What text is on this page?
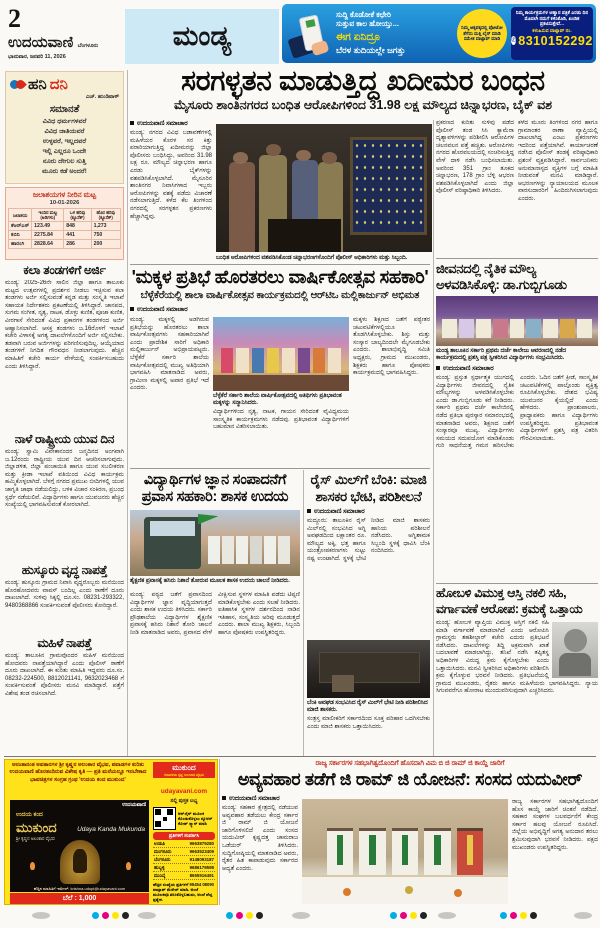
2
ಉದಯವಾಣಿ ಬೆಂಗಳೂರು
ಭಾನುವಾರ, ಜನವರಿ 11, 2026
ಮಂಡ್ಯ
ಸುದ್ದಿ ಕೊಡೋಕೆ ಕಛೇರಿ
ಸುತ್ತುವ ಕಾಲ ಹೋಯ್ತು...
ಈಗ ಏನಿದ್ರೂ
ಬೆರಳ ತುದಿಯಲ್ಲೇ ಜಗತ್ತು
ನಿಮ್ಮ ಅಕ್ಕಪಕ್ಕದಲ್ಲಿ ಫೋಟೋ ತೆಗೆದು ಮತ್ತಿ ಲೈನ್ ಮಾಡಿ ಸಮೇತ ವಾಟ್ಸಾಪ್ ಮಾಡಿ
ನಿಮ್ಮ ಕಾರ್ಯಕ್ರಮಗಳ ಆಹ್ವಾನ ಪತ್ರಿಕೆ ಎರಡು ದಿನ ಮೊದಲೇ ನಮಗೆ ಕಳಿಸಿಕೊಡಿ, ಖಂಡಿತ ಪ್ರಕಟಿಸುತ್ತೇವೆ...
ಕಳುಹಿಸುವ ವಾಟ್ಸಾಪ್ ನಂ.
✆ 8310152292
ಸರಗಳ್ಳತನ ಮಾಡುತ್ತಿದ್ದ ಖದೀಮರ ಬಂಧನ
ಮೈಸೂರು ಶಾಂತಿನಗರದ ಬಂಧಿತ ಆರೋಪಿಗಳಿಂದ 31.98 ಲಕ್ಷ ಮೌಲ್ಯದ ಚಿನ್ನಾಭರಣ, ಬೈಕ್ ವಶ
ಹನಿ ದನಿ
ಎಚ್. ಹುಂಡಿವಾಳ್
ಸಮಾನತೆ
ವಿವಿಧ ಧರ್ಮಗಳವರೆ
ವಿವಿಧ ಜಾತಿಯವರೆ
ಉಳ್ಳವರೆ, ಇಲ್ಲದವರೆ
ಇಲ್ಲಿ ಎಲ್ಲರೂ ಒಂದೇ
ನೂರು ದೇಗುಲ ಸುತ್ತಿ
ಮೂರು ಕಡೆ ಅಂದರೆ!
ಜಲಾಶಯಗಳ ನೀರಿನ ಮಟ್ಟ
10-01-2026
ಜಲಾಶಯ	ಇಂದಿನ ಮಟ್ಟ (ಅಡಿಗಳು)	ಒಳ ಹರಿವು (ಕ್ಯೂಸೆಕ್)	ಹೊರ ಹರಿವು (ಕ್ಯೂಸೆಕ್)
ಕೆಆರ್‌ಎಸ್	123.49	848	1,273
ಕಬಿನಿ	2275.84	441	750
ಹಾರಂಗಿ	2828.64	286	200
ಕಲಾ ತಂಡಗಳಿಗೆ ಅರ್ಜಿ
ಮಂಡ್ಯ: 2025-26ನೇ ಸಾಲಿನ ಜಿಲ್ಲಾ ಹಾಗೂ ತಾಲೂಕು ಮಟ್ಟದ ಉತ್ಸವಗಳಲ್ಲಿ ಪ್ರದರ್ಶನ ನೀಡಲು ಇಚ್ಛಿಸುವ ಕಲಾ ತಂಡಗಳು ಅರ್ಜಿ ಸಲ್ಲಿಸುವಂತೆ ಕನ್ನಡ ಮತ್ತು ಸಂಸ್ಕೃತಿ ಇಲಾಖೆ ಸಹಾಯಕ ನಿರ್ದೇಶಕರು ಪ್ರಕಟಣೆಯಲ್ಲಿ ತಿಳಿಸಿದ್ದಾರೆ. ಜಾನಪದ, ಸುಗಮ ಸಂಗೀತ, ನೃತ್ಯ, ನಾಟಕ, ಡೊಳ್ಳು ಕುಣಿತ, ಪೂಜಾ ಕುಣಿತ, ವೀರಗಾಸೆ ಸೇರಿದಂತೆ ವಿವಿಧ ಪ್ರಕಾರಗಳ ತಂಡಗಳಿಂದ ಅರ್ಜಿ ಆಹ್ವಾನಿಸಲಾಗಿದೆ. ಆಸಕ್ತ ತಂಡಗಳು ಜ.16ರೊಳಗೆ ಇಲಾಖೆ ಕಚೇರಿ ವಿಳಾಸಕ್ಕೆ ಅಗತ್ಯ ದಾಖಲೆಗಳೊಂದಿಗೆ ಅರ್ಜಿ ಸಲ್ಲಿಸಬೇಕು. ತಡವಾಗಿ ಬರುವ ಅರ್ಜಿಗಳನ್ನು ಪರಿಗಣಿಸುವುದಿಲ್ಲ. ಆಯ್ಕೆಯಾದ ತಂಡಗಳಿಗೆ ನಿಗದಿತ ಗೌರವಧನ ನೀಡಲಾಗುವುದು. ಹೆಚ್ಚಿನ ಮಾಹಿತಿಗೆ ಕಚೇರಿ ಕಾರ್ಯ ವೇಳೆಯಲ್ಲಿ ಸಂಪರ್ಕಿಸಬಹುದು ಎಂದು ತಿಳಿಸಿದ್ದಾರೆ.
ನಾಳೆ ರಾಷ್ಟ್ರೀಯ ಯುವ ದಿನ
ಮಂಡ್ಯ: ಸ್ವಾಮಿ ವಿವೇಕಾನಂದರ ಜನ್ಮದಿನದ ಅಂಗವಾಗಿ ಜ.12ರಂದು ರಾಷ್ಟ್ರೀಯ ಯುವ ದಿನ ಆಚರಿಸಲಾಗುವುದು. ಜಿಲ್ಲಾಡಳಿತ, ಜಿಲ್ಲಾ ಪಂಚಾಯಿತಿ ಹಾಗೂ ಯುವ ಸಬಲೀಕರಣ ಮತ್ತು ಕ್ರೀಡಾ ಇಲಾಖೆ ವತಿಯಿಂದ ವಿವಿಧ ಕಾರ್ಯಕ್ರಮ ಹಮ್ಮಿಕೊಳ್ಳಲಾಗಿದೆ. ಬೆಳಗ್ಗೆ ನಗರದ ಪ್ರಮುಖ ಬೀದಿಗಳಲ್ಲಿ ಯುವ ಜಾಗೃತಿ ಜಾಥಾ ನಡೆಯಲಿದ್ದು, ಬಳಿಕ ವಿಚಾರ ಸಂಕಿರಣ, ಪ್ರಬಂಧ ಸ್ಪರ್ಧೆ ನಡೆಯಲಿವೆ. ವಿದ್ಯಾರ್ಥಿಗಳು ಹಾಗೂ ಯುವಜನರು ಹೆಚ್ಚಿನ ಸಂಖ್ಯೆಯಲ್ಲಿ ಭಾಗವಹಿಸುವಂತೆ ಕೋರಲಾಗಿದೆ.
ಹುಸ್ಕೂರು ವೃದ್ಧ ನಾಪತ್ತೆ
ಮಂಡ್ಯ: ಹುಸ್ಕೂರು ಗ್ರಾಮದ ನಿವಾಸಿ ವೃದ್ಧರೊಬ್ಬರು ಮನೆಯಿಂದ ಹೊರಹೋದವರು ವಾಪಸ್ ಬಂದಿಲ್ಲ ಎಂದು ಠಾಣೆಗೆ ದೂರು ದಾಖಲಾಗಿದೆ. ಸುಳಿವು ಸಿಕ್ಕಲ್ಲಿ ದೂ.ಸಂ. 08231-293322, 9480368866 ಸಂಪರ್ಕಿಸುವಂತೆ ಪೊಲೀಸರು ಕೋರಿದ್ದಾರೆ.
ಮಹಿಳೆ ನಾಪತ್ತೆ
ಮಂಡ್ಯ: ತಾಲೂಕಿನ ಗ್ರಾಮವೊಂದರ ಮಹಿಳೆ ಮನೆಯಿಂದ ಹೋದವರು ನಾಪತ್ತೆಯಾಗಿದ್ದಾರೆ ಎಂದು ಪೊಲೀಸ್ ಠಾಣೆಗೆ ದೂರು ದಾಖಲಾಗಿದೆ. ಈ ಕುರಿತು ಮಾಹಿತಿ ಇದ್ದವರು ದೂ.ಸಂ. 08232-224500, 8812021141, 9632023468 ಗೆ ಸಂಪರ್ಕಿಸುವಂತೆ ಪೊಲೀಸರು ಮನವಿ ಮಾಡಿದ್ದಾರೆ. ಪತ್ತೆಗೆ ವಿಶೇಷ ತಂಡ ರಚಿಸಲಾಗಿದೆ.
ಉದಯವಾಣಿ ಸಮಾಚಾರ
ಮಂಡ್ಯ: ನಗರದ ವಿವಿಧ ಬಡಾವಣೆಗಳಲ್ಲಿ ಮಹಿಳೆಯರ ಕೊರಳ ಸರ ಕಿತ್ತು ಪರಾರಿಯಾಗುತ್ತಿದ್ದ ಖದೀಮರನ್ನು ಜಿಲ್ಲಾ ಪೊಲೀಸರು ಬಂಧಿಸಿದ್ದು, ಅವರಿಂದ 31.98 ಲಕ್ಷ ರೂ. ಮೌಲ್ಯದ ಚಿನ್ನಾಭರಣ ಹಾಗೂ ಎರಡು ಬೈಕ್‌ಗಳನ್ನು ವಶಪಡಿಸಿಕೊಳ್ಳಲಾಗಿದೆ. ಮೈಸೂರಿನ ಶಾಂತಿನಗರ ನಿವಾಸಿಗಳಾದ ಇಬ್ಬರು ಆರೋಪಿಗಳನ್ನು ವಶಕ್ಕೆ ಪಡೆದು ವಿಚಾರಣೆ ನಡೆಸಲಾಗುತ್ತಿದೆ. ಕಳೆದ ಕೆಲ ತಿಂಗಳಿಂದ ನಗರದಲ್ಲಿ ಸರಗಳ್ಳತನ ಪ್ರಕರಣಗಳು ಹೆಚ್ಚಾಗಿದ್ದವು.
ಬಂಧಿತ ಆರೋಪಿಗಳಿಂದ ವಶಪಡಿಸಿಕೊಂಡ ಚಿನ್ನಾಭರಣಗಳೊಂದಿಗೆ ಪೊಲೀಸ್ ಅಧಿಕಾರಿಗಳು ಮತ್ತು ಸಿಬ್ಬಂದಿ.
ಪ್ರಕರಣದ ಕುರಿತು ಸುಳಿವು ಪಡೆದ ಪೊಲೀಸ್ ತಂಡ ಸಿಸಿ ಕ್ಯಾಮೆರಾ ದೃಶ್ಯಾವಳಿಗಳನ್ನು ಪರಿಶೀಲಿಸಿ ಆರೋಪಿಗಳ ಚಲನವಲನ ಪತ್ತೆ ಹಚ್ಚಿತು. ಆರೋಪಿಗಳು ನಗರದ ಹೊರವಲಯದಲ್ಲಿ ಸಂಚರಿಸುತ್ತಿದ್ದ ವೇಳೆ ದಾಳಿ ನಡೆಸಿ ಬಂಧಿಸಲಾಯಿತು. ಅವರಿಂದ 351 ಗ್ರಾಂ ತೂಕದ ಚಿನ್ನಾಭರಣ, 178 ಗ್ರಾಂ ಬೆಳ್ಳಿ ಆಭರಣ ವಶಪಡಿಸಿಕೊಳ್ಳಲಾಗಿದೆ ಎಂದು ಜಿಲ್ಲಾ ಪೊಲೀಸ್ ವರಿಷ್ಠಾಧಿಕಾರಿ ತಿಳಿಸಿದರು.
ಕಳೆದ ಮೂರು ತಿಂಗಳಿಂದ ನಗರ ಹಾಗೂ ಗ್ರಾಮಾಂತರ ಠಾಣಾ ವ್ಯಾಪ್ತಿಯಲ್ಲಿ ದಾಖಲಾಗಿದ್ದ ಎಂಟು ಪ್ರಕರಣಗಳು ಇದರಿಂದ ಪತ್ತೆಯಾಗಿವೆ. ಕಾರ್ಯಾಚರಣೆ ನಡೆಸಿದ ಪೊಲೀಸ್ ತಂಡಕ್ಕೆ ವರಿಷ್ಠಾಧಿಕಾರಿ ಪ್ರಶಂಸೆ ವ್ಯಕ್ತಪಡಿಸಿದ್ದಾರೆ. ಸಾರ್ವಜನಿಕರು ಅನುಮಾನಾಸ್ಪದ ವ್ಯಕ್ತಿಗಳ ಬಗ್ಗೆ ಮಾಹಿತಿ ನೀಡುವಂತೆ ಮನವಿ ಮಾಡಿದ್ದಾರೆ. ಆಭರಣಗಳನ್ನು ನ್ಯಾಯಾಲಯದ ಮೂಲಕ ವಾರಸುದಾರರಿಗೆ ಹಿಂದಿರುಗಿಸಲಾಗುವುದು ಎಂದರು.
'ಮಕ್ಕಳ ಪ್ರತಿಭೆ ಹೊರತರಲು ವಾರ್ಷಿಕೋತ್ಸವ ಸಹಕಾರಿ'
ಬೆಳ್ಳೆಕೆರೆಯಲ್ಲಿ ಶಾಲಾ ವಾರ್ಷಿಕೋತ್ಸವ ಕಾರ್ಯಕ್ರಮದಲ್ಲಿ ಆರ್‌ಟಿಒ ಮಲ್ಲಿಕಾರ್ಜುನ್ ಅಭಿಮತ
ಉದಯವಾಣಿ ಸಮಾಚಾರ
ಮಂಡ್ಯ: ಮಕ್ಕಳಲ್ಲಿ ಅಡಗಿರುವ ಪ್ರತಿಭೆಯನ್ನು ಹೊರತರಲು ಶಾಲಾ ವಾರ್ಷಿಕೋತ್ಸವಗಳು ಸಹಕಾರಿಯಾಗಿವೆ ಎಂದು ಪ್ರಾದೇಶಿಕ ಸಾರಿಗೆ ಅಧಿಕಾರಿ ಮಲ್ಲಿಕಾರ್ಜುನ್ ಅಭಿಪ್ರಾಯಪಟ್ಟರು. ಬೆಳ್ಳೆಕೆರೆ ಸರ್ಕಾರಿ ಶಾಲೆಯ ವಾರ್ಷಿಕೋತ್ಸವದಲ್ಲಿ ಮುಖ್ಯ ಅತಿಥಿಯಾಗಿ ಭಾಗವಹಿಸಿ ಮಾತನಾಡಿದ ಅವರು, ಗ್ರಾಮೀಣ ಮಕ್ಕಳಲ್ಲಿ ಅಪಾರ ಪ್ರತಿಭೆ ಇದೆ ಎಂದರು.
ಮಕ್ಕಳು ಶಿಕ್ಷಣದ ಜತೆಗೆ ಪಠ್ಯೇತರ ಚಟುವಟಿಕೆಗಳಲ್ಲಿಯೂ ತೊಡಗಿಸಿಕೊಳ್ಳಬೇಕು. ಶಿಸ್ತು ಮತ್ತು ಸಂಸ್ಕಾರ ಬಾಲ್ಯದಿಂದಲೇ ಮೈಗೂಡಬೇಕು ಎಂದರು. ಶಾಲಾಭಿವೃದ್ಧಿ ಸಮಿತಿ ಅಧ್ಯಕ್ಷರು, ಗ್ರಾಮದ ಮುಖಂಡರು, ಶಿಕ್ಷಕರು ಹಾಗೂ ಪೋಷಕರು ಕಾರ್ಯಕ್ರಮದಲ್ಲಿ ಭಾಗವಹಿಸಿದ್ದರು.
ಬೆಳ್ಳೆಕೆರೆ ಸರ್ಕಾರಿ ಶಾಲೆಯ ವಾರ್ಷಿಕೋತ್ಸವದಲ್ಲಿ ಅತಿಥಿಗಳು ಪ್ರತಿಭಾವಂತ ಮಕ್ಕಳನ್ನು ಸನ್ಮಾನಿಸಿದರು.
ವಿದ್ಯಾರ್ಥಿಗಳಿಂದ ನೃತ್ಯ, ನಾಟಕ, ಗಾಯನ ಸೇರಿದಂತೆ ವೈವಿಧ್ಯಮಯ ಸಾಂಸ್ಕೃತಿಕ ಕಾರ್ಯಕ್ರಮಗಳು ನಡೆದವು. ಪ್ರತಿಭಾವಂತ ವಿದ್ಯಾರ್ಥಿಗಳಿಗೆ ಬಹುಮಾನ ವಿತರಿಸಲಾಯಿತು.
ಜೀವನದಲ್ಲಿ ನೈತಿಕ ಮೌಲ್ಯ
ಅಳವಡಿಸಿಕೊಳ್ಳಿ: ಡಾ.ಗುಬ್ಬಿಗೂಡು
ಮಂಡ್ಯ ತಾಲೂಕಿನ ಸರ್ಕಾರಿ ಪ್ರಥಮ ದರ್ಜೆ ಕಾಲೇಜು ಆವರಣದಲ್ಲಿ ನಡೆದ ಕಾರ್ಯಕ್ರಮದಲ್ಲಿ ಪ್ರಶಸ್ತಿ ಪತ್ರ ಸ್ವೀಕರಿಸಿದ ವಿದ್ಯಾರ್ಥಿಗಳು ಸಂಭ್ರಮಿಸಿದರು.
ಉದಯವಾಣಿ ಸಮಾಚಾರ
ಮಂಡ್ಯ: ಪ್ರಸ್ತುತ ಸ್ಪರ್ಧಾತ್ಮಕ ಯುಗದಲ್ಲಿ ವಿದ್ಯಾರ್ಥಿಗಳು ಜೀವನದಲ್ಲಿ ನೈತಿಕ ಮೌಲ್ಯಗಳನ್ನು ಅಳವಡಿಸಿಕೊಳ್ಳಬೇಕು ಎಂದು ಡಾ.ಗುಬ್ಬಿಗೂಡು ಕರೆ ನೀಡಿದರು. ಸರ್ಕಾರಿ ಪ್ರಥಮ ದರ್ಜೆ ಕಾಲೇಜಿನಲ್ಲಿ ನಡೆದ ಪ್ರತಿಭಾ ಪುರಸ್ಕಾರ ಸಮಾರಂಭದಲ್ಲಿ ಮಾತನಾಡಿದ ಅವರು, ಶಿಕ್ಷಣದ ಜತೆಗೆ ಸಂಸ್ಕಾರವೂ ಮುಖ್ಯ. ವಿದ್ಯಾರ್ಥಿಗಳು ಸಮಯದ ಸದುಪಯೋಗ ಮಾಡಿಕೊಂಡು ಗುರಿ ಸಾಧನೆಯತ್ತ ಗಮನ ಹರಿಸಬೇಕು ಎಂದರು. ಓದಿನ ಜತೆಗೆ ಕ್ರೀಡೆ, ಸಾಂಸ್ಕೃತಿಕ ಚಟುವಟಿಕೆಗಳಲ್ಲಿ ಪಾಲ್ಗೊಂಡು ವ್ಯಕ್ತಿತ್ವ ರೂಪಿಸಿಕೊಳ್ಳಬೇಕು. ದೇಶದ ಭವಿಷ್ಯ ಯುವಜನರ ಕೈಯಲ್ಲಿದೆ ಎಂದು ಹೇಳಿದರು. ಪ್ರಾಂಶುಪಾಲರು, ಪ್ರಾಧ್ಯಾಪಕರು ಹಾಗೂ ವಿದ್ಯಾರ್ಥಿಗಳು ಉಪಸ್ಥಿತರಿದ್ದರು. ಪ್ರತಿಭಾವಂತ ವಿದ್ಯಾರ್ಥಿಗಳಿಗೆ ಪ್ರಶಸ್ತಿ ಪತ್ರ ವಿತರಿಸಿ ಗೌರವಿಸಲಾಯಿತು.
ವಿದ್ಯಾರ್ಥಿಗಳ ಜ್ಞಾನ ಸಂಪಾದನೆಗೆ
ಪ್ರವಾಸ ಸಹಕಾರಿ: ಶಾಸಕ ಉದಯ
ಶೈಕ್ಷಣಿಕ ಪ್ರವಾಸಕ್ಕೆ ಹಸಿರು ನಿಶಾನೆ ತೋರುವ ಮೂಲಕ ಶಾಸಕ ಉದಯ ಚಾಲನೆ ನೀಡಿದರು.
ಮಂಡ್ಯ: ಪಠ್ಯದ ಜತೆಗೆ ಪ್ರವಾಸದಿಂದ ವಿದ್ಯಾರ್ಥಿಗಳ ಜ್ಞಾನ ವೃದ್ಧಿಯಾಗುತ್ತದೆ ಎಂದು ಶಾಸಕ ಉದಯ ತಿಳಿಸಿದರು. ಸರ್ಕಾರಿ ಪ್ರೌಢಶಾಲೆಯ ವಿದ್ಯಾರ್ಥಿಗಳ ಶೈಕ್ಷಣಿಕ ಪ್ರವಾಸಕ್ಕೆ ಹಸಿರು ನಿಶಾನೆ ತೋರಿ ಚಾಲನೆ ನೀಡಿ ಮಾತನಾಡಿದ ಅವರು, ಪ್ರವಾಸದ ವೇಳೆ ವೀಕ್ಷಿಸುವ ಸ್ಥಳಗಳ ಮಾಹಿತಿ ಪಡೆದು ಟಿಪ್ಪಣಿ ಮಾಡಿಕೊಳ್ಳಬೇಕು ಎಂದು ಸಲಹೆ ನೀಡಿದರು. ಐತಿಹಾಸಿಕ ಸ್ಥಳಗಳ ದರ್ಶನದಿಂದ ನಾಡಿನ ಇತಿಹಾಸ, ಸಂಸ್ಕೃತಿಯ ಅರಿವು ಮೂಡುತ್ತದೆ ಎಂದರು. ಶಾಲಾ ಮುಖ್ಯ ಶಿಕ್ಷಕರು, ಸಿಬ್ಬಂದಿ ಹಾಗೂ ಪೋಷಕರು ಉಪಸ್ಥಿತರಿದ್ದರು.
ರೈಸ್ ಮಿಲ್‌ಗೆ ಬೆಂಕಿ: ಮಾಜಿ
ಶಾಸಕರ ಭೇಟಿ, ಪರಿಶೀಲನೆ
ಉದಯವಾಣಿ ಸಮಾಚಾರ
ಮದ್ದೂರು: ತಾಲೂಕಿನ ರೈಸ್ ಮಿಲ್‌ನಲ್ಲಿ ಸಂಭವಿಸಿದ ಅಗ್ನಿ ಅವಘಡದಿಂದ ಲಕ್ಷಾಂತರ ರೂ. ಮೌಲ್ಯದ ಅಕ್ಕಿ, ಭತ್ತ ಹಾಗೂ ಯಂತ್ರೋಪಕರಣಗಳು ಸುಟ್ಟು ನಷ್ಟ ಉಂಟಾಗಿದೆ. ಸ್ಥಳಕ್ಕೆ ಭೇಟಿ ನೀಡಿದ ಮಾಜಿ ಶಾಸಕರು ಹಾನಿಯ ಪರಿಶೀಲನೆ ನಡೆಸಿದರು. ಅಗ್ನಿಶಾಮಕ ಸಿಬ್ಬಂದಿ ಸ್ಥಳಕ್ಕೆ ಧಾವಿಸಿ ಬೆಂಕಿ ನಂದಿಸಿದರು.
ಬೆಂಕಿ ಅವಘಡ ಸಂಭವಿಸಿದ ರೈಸ್ ಮಿಲ್‌ಗೆ ಭೇಟಿ ನೀಡಿ ಪರಿಶೀಲಿಸಿದ ಮಾಜಿ ಶಾಸಕರು.
ಸಂತ್ರಸ್ತ ಮಾಲೀಕರಿಗೆ ಸರ್ಕಾರದಿಂದ ಸೂಕ್ತ ಪರಿಹಾರ ಒದಗಿಸಬೇಕು ಎಂದು ಮಾಜಿ ಶಾಸಕರು ಒತ್ತಾಯಿಸಿದರು.
ಹೋಬಳಿ ವಿಮುಕ್ತ ಆಸ್ತಿ ನಕಲಿ ಸಹಿ,
ವರ್ಗಾವಣೆ ಆರೋಪ: ಕ್ರಮಕ್ಕೆ ಒತ್ತಾಯ
ಮಂಡ್ಯ: ಹೋಬಳಿ ವ್ಯಾಪ್ತಿಯ ವಿಮುಕ್ತ ಆಸ್ತಿಗೆ ನಕಲಿ ಸಹಿ ಮಾಡಿ ವರ್ಗಾವಣೆ ಮಾಡಲಾಗಿದೆ ಎಂದು ಆರೋಪಿಸಿ ಗ್ರಾಮಸ್ಥರು ತಹಶೀಲ್ದಾರ್ ಕಚೇರಿ ಎದುರು ಪ್ರತಿಭಟನೆ ನಡೆಸಿದರು. ದಾಖಲೆಗಳನ್ನು ತಿದ್ದಿ ಅಕ್ರಮವಾಗಿ ಖಾತೆ ಬದಲಾವಣೆ ಮಾಡಲಾಗಿದ್ದು, ತನಿಖೆ ನಡೆಸಿ ತಪ್ಪಿತಸ್ಥ ಅಧಿಕಾರಿಗಳ ವಿರುದ್ಧ ಕ್ರಮ ಕೈಗೊಳ್ಳಬೇಕು ಎಂದು ಒತ್ತಾಯಿಸಿದರು. ಮನವಿ ಸ್ವೀಕರಿಸಿದ ಅಧಿಕಾರಿಗಳು ಪರಿಶೀಲಿಸಿ ಕ್ರಮ ಕೈಗೊಳ್ಳುವ ಭರವಸೆ ನೀಡಿದರು. ಪ್ರತಿಭಟನೆಯಲ್ಲಿ ಗ್ರಾಮದ ಮುಖಂಡರು, ರೈತರು ಹಾಗೂ ಮಹಿಳೆಯರು ಭಾಗವಹಿಸಿದ್ದರು. ನ್ಯಾಯ ಸಿಗುವವರೆಗೂ ಹೋರಾಟ ಮುಂದುವರಿಸುವುದಾಗಿ ಎಚ್ಚರಿಸಿದರು.
ಅನಂತಾನಂತ ಅವತಾರಗಳ ಶ್ರೀ ಕೃಷ್ಣನ ಅಲಂಕಾರ ವೈಭವ, ಪವಾಡಗಳ ಕುರಿತು ಉದಯವಾಣಿ ಹೊರತಂದಿರುವ ವಿಶೇಷ ಕೃತಿ — ಪ್ರತಿ ಮನೆಯಲ್ಲೂ ಇರಬೇಕಾದ ಭಾವಚಿತ್ರಗಳ ಸಂಗ್ರಹ ಗ್ರಂಥ 'ಉದಯ ಕಂದ ಮುಕುಂದ'
ಉದಯವಾಣಿ
ಉದಯ ಕಂದ
ಮುಕುಂದ	Udaya Kanda Mukunda
ಶ್ರೀ ಕೃಷ್ಣನ ಅಲಂಕಾರ ವೈಭವ
ಹೆಚ್ಚಿನ ಮಾಹಿತಿಗೆ ಇಮೇಲ್: krishna.udupi@udayavani.com
ಬೆಲೆ : 1,000
ಮುಕುಂದ
ಕರಾವಳಿಯ ಕೃಷ್ಣ ಅಲಂಕಾರ ವೈಭವ
udayavani.com
ನಲ್ಲಿ ಪುಸ್ತಕ ಲಭ್ಯ
ಆನ್‌ಲೈನ್ ಮೂಲಕ ಕೊಂಡುಕೊಳ್ಳಲು ಕ್ಯೂಆರ್ ಕೋಡ್ ಸ್ಕ್ಯಾನ್ ಮಾಡಿ
ಪ್ರತಿಗಳಿಗೆ ಸಂಪರ್ಕಿಸಿ
ಉಡುಪಿ	9663879280
ಮಂಗಳೂರು	9663523409
ಬೆಂಗಳೂರು	9148093187
ಹುಬ್ಬಳ್ಳಿ	9686179598
ಮುಂಬೈ	8655916491
ಹೆಚ್ಚಿನ ಸಂಖ್ಯೆಯ ಪ್ರತಿಗಳಿಗೆ 95454 08090 ವಾಟ್ಸಾಪ್ ಮೆಸೇಜ್ ಮಾಡಿ. ಅಂಚೆ ಮೂಲಕವೂ ತರಿಸಿಕೊಳ್ಳಬಹುದು, ಅಂಚೆ ವೆಚ್ಚ ಪ್ರತ್ಯೇಕ.
ರಾಜ್ಯ ಸರ್ಕಾರಗಳ ಸಹಭಾಗಿತ್ವದೊಂದಿಗೆ ಹೊಸದಾಗಿ ವಿಮ ಬಿ ಜಿ ರಾಮ್ ಜಿ ಕಾಯ್ದೆ ಜಾರಿಗೆ
ಅವ್ಯವಹಾರ ತಡೆಗೆ ಜಿ ರಾಮ್ ಜಿ ಯೋಜನೆ: ಸಂಸದ ಯದುವೀರ್
ಉದಯವಾಣಿ ಸಮಾಚಾರ
ಮಂಡ್ಯ: ಸಹಕಾರ ಕ್ಷೇತ್ರದಲ್ಲಿ ನಡೆಯುವ ಅವ್ಯವಹಾರ ತಡೆಯಲು ಕೇಂದ್ರ ಸರ್ಕಾರ ಜಿ ರಾಮ್ ಜಿ ಯೋಜನೆ ಜಾರಿಗೊಳಿಸಲಿದೆ ಎಂದು ಸಂಸದ ಯದುವೀರ್ ಕೃಷ್ಣದತ್ತ ಚಾಮರಾಜ ಒಡೆಯರ್ ತಿಳಿಸಿದರು. ಸುದ್ದಿಗೋಷ್ಠಿಯಲ್ಲಿ ಮಾತನಾಡಿದ ಅವರು, ರೈತರ ಹಿತ ಕಾಪಾಡುವುದು ಸರ್ಕಾರದ ಆದ್ಯತೆ ಎಂದರು.
ರಾಜ್ಯ ಸರ್ಕಾರಗಳ ಸಹಭಾಗಿತ್ವದೊಂದಿಗೆ ಹೊಸ ಕಾಯ್ದೆ ಜಾರಿಗೆ ಚಿಂತನೆ ನಡೆದಿದೆ. ಸಹಕಾರ ಸಂಘಗಳ ಬಲವರ್ಧನೆಗೆ ಕೇಂದ್ರ ಸರ್ಕಾರ ಹಲವು ಯೋಜನೆ ರೂಪಿಸಿದೆ. ಜಿಲ್ಲೆಯ ಅಭಿವೃದ್ಧಿಗೆ ಅಗತ್ಯ ಅನುದಾನ ತರಲು ಶ್ರಮಿಸುವುದಾಗಿ ಭರವಸೆ ನೀಡಿದರು. ಪಕ್ಷದ ಮುಖಂಡರು ಉಪಸ್ಥಿತರಿದ್ದರು.
